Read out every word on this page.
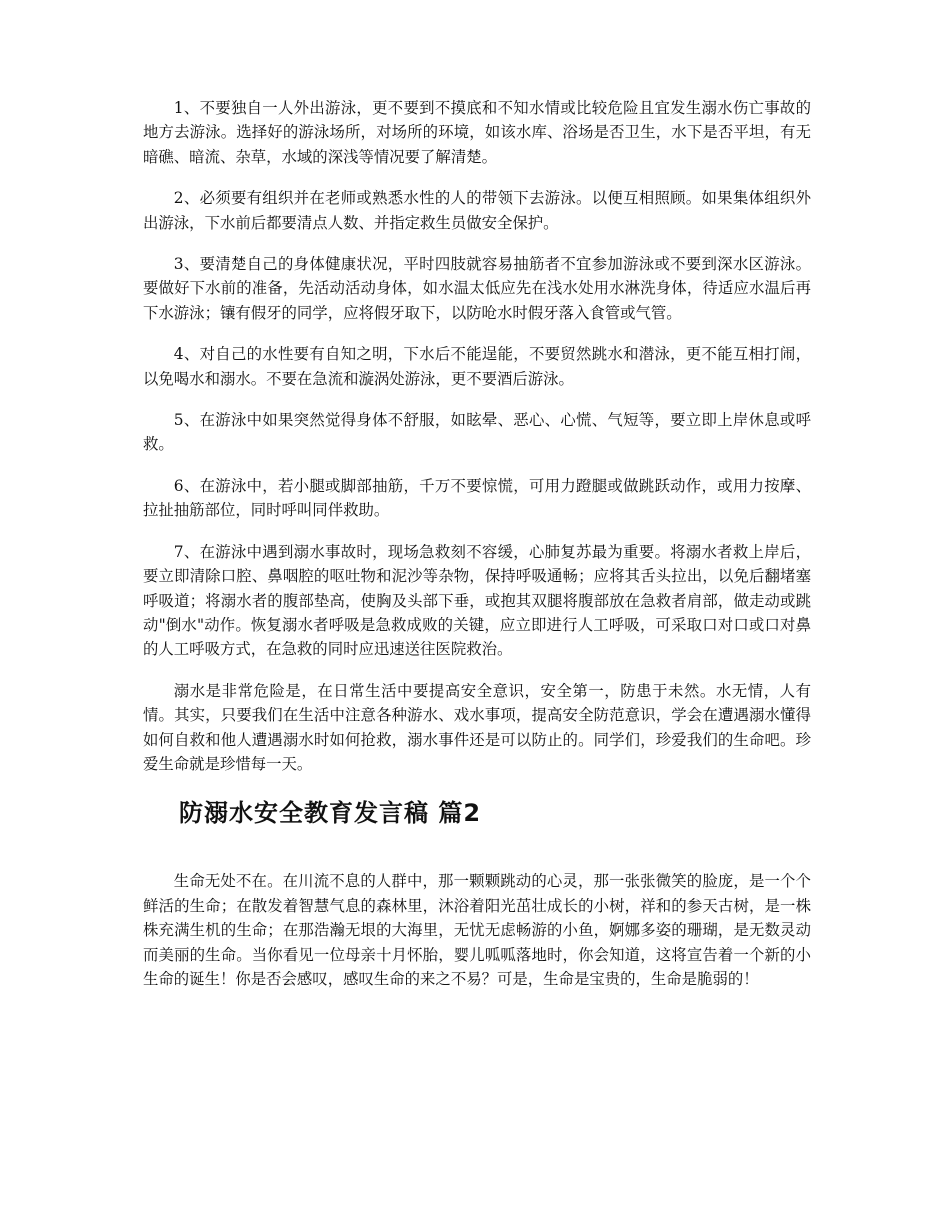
1、不要独自一人外出游泳，更不要到不摸底和不知水情或比较危险且宜发生溺水伤亡事故的地方去游泳。选择好的游泳场所，对场所的环境，如该水库、浴场是否卫生，水下是否平坦，有无暗礁、暗流、杂草，水域的深浅等情况要了解清楚。

2、必须要有组织并在老师或熟悉水性的人的带领下去游泳。以便互相照顾。如果集体组织外出游泳，下水前后都要清点人数、并指定救生员做安全保护。

3、要清楚自己的身体健康状况，平时四肢就容易抽筋者不宜参加游泳或不要到深水区游泳。要做好下水前的准备，先活动活动身体，如水温太低应先在浅水处用水淋洗身体，待适应水温后再下水游泳；镶有假牙的同学，应将假牙取下，以防呛水时假牙落入食管或气管。

4、对自己的水性要有自知之明，下水后不能逞能，不要贸然跳水和潜泳，更不能互相打闹，以免喝水和溺水。不要在急流和漩涡处游泳，更不要酒后游泳。

5、在游泳中如果突然觉得身体不舒服，如眩晕、恶心、心慌、气短等，要立即上岸休息或呼救。

6、在游泳中，若小腿或脚部抽筋，千万不要惊慌，可用力蹬腿或做跳跃动作，或用力按摩、拉扯抽筋部位，同时呼叫同伴救助。

7、在游泳中遇到溺水事故时，现场急救刻不容缓，心肺复苏最为重要。将溺水者救上岸后，要立即清除口腔、鼻咽腔的呕吐物和泥沙等杂物，保持呼吸通畅；应将其舌头拉出，以免后翻堵塞呼吸道；将溺水者的腹部垫高，使胸及头部下垂，或抱其双腿将腹部放在急救者肩部，做走动或跳动"倒水"动作。恢复溺水者呼吸是急救成败的关键，应立即进行人工呼吸，可采取口对口或口对鼻的人工呼吸方式，在急救的同时应迅速送往医院救治。

溺水是非常危险是，在日常生活中要提高安全意识，安全第一，防患于未然。水无情，人有情。其实，只要我们在生活中注意各种游水、戏水事项，提高安全防范意识，学会在遭遇溺水懂得如何自救和他人遭遇溺水时如何抢救，溺水事件还是可以防止的。同学们，珍爱我们的生命吧。珍爱生命就是珍惜每一天。

防溺水安全教育发言稿 篇2

生命无处不在。在川流不息的人群中，那一颗颗跳动的心灵，那一张张微笑的脸庞，是一个个鲜活的生命；在散发着智慧气息的森林里，沐浴着阳光茁壮成长的小树，祥和的参天古树，是一株株充满生机的生命；在那浩瀚无垠的大海里，无忧无虑畅游的小鱼，婀娜多姿的珊瑚，是无数灵动而美丽的生命。当你看见一位母亲十月怀胎，婴儿呱呱落地时，你会知道，这将宣告着一个新的小生命的诞生！你是否会感叹，感叹生命的来之不易？可是，生命是宝贵的，生命是脆弱的！
